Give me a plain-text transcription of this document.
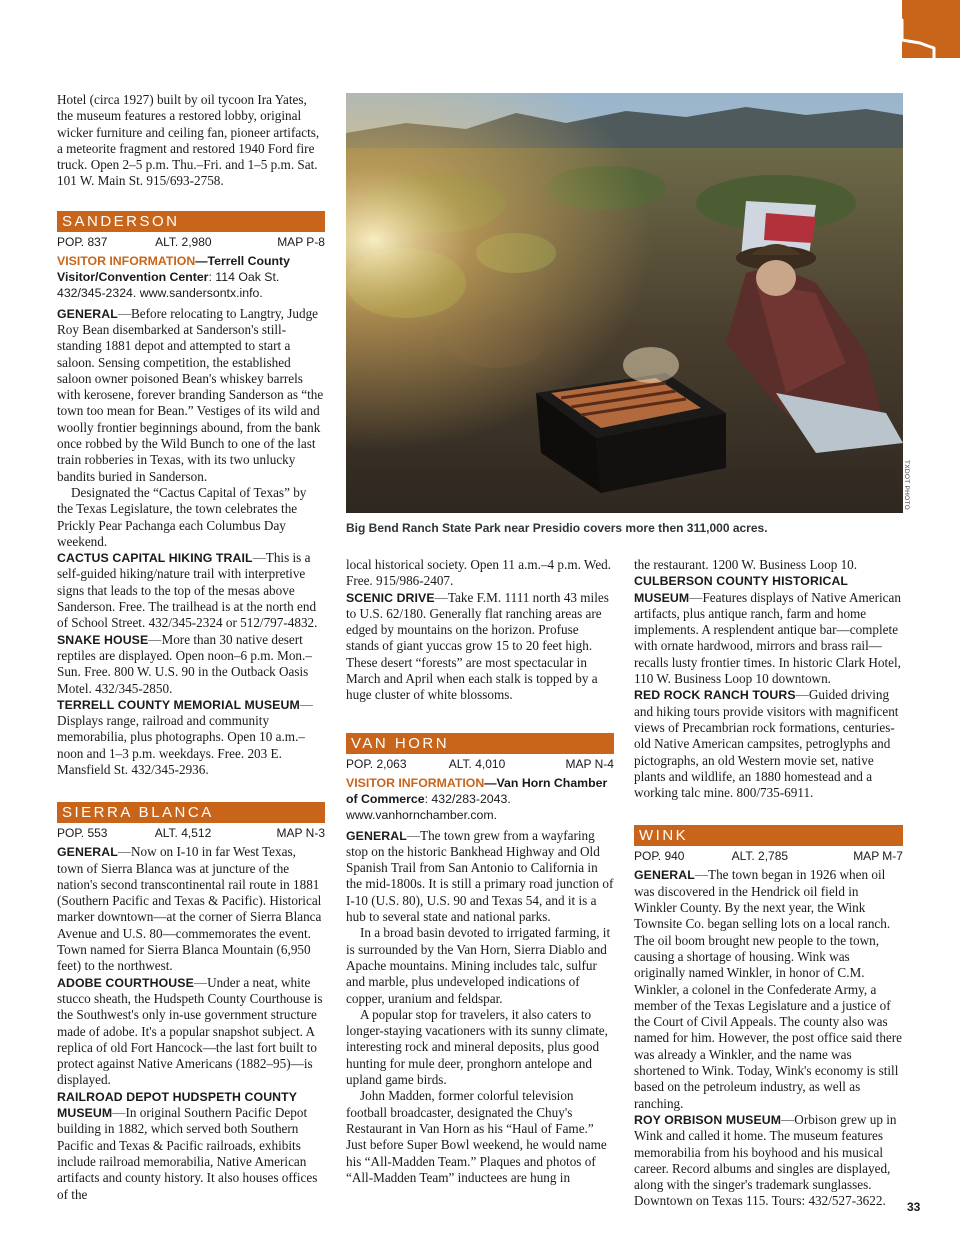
Hotel (circa 1927) built by oil tycoon Ira Yates, the museum features a restored lobby, original wicker furniture and ceiling fan, pioneer artifacts, a meteorite fragment and restored 1940 Ford fire truck. Open 2–5 p.m. Thu.–Fri. and 1–5 p.m. Sat. 101 W. Main St. 915/693-2758.

SANDERSON
POP. 837	ALT. 2,980	MAP P-8

VISITOR INFORMATION—Terrell County Visitor/Convention Center: 114 Oak St. 432/345-2324. www.sandersontx.info.

GENERAL—Before relocating to Langtry, Judge Roy Bean disembarked at Sanderson's still-standing 1881 depot and attempted to start a saloon. Sensing competition, the established saloon owner poisoned Bean's whiskey barrels with kerosene, forever branding Sanderson as “the town too mean for Bean.” Vestiges of its wild and woolly frontier beginnings abound, from the bank once robbed by the Wild Bunch to one of the last train robberies in Texas, with its two unlucky bandits buried in Sanderson.

Designated the “Cactus Capital of Texas” by the Texas Legislature, the town celebrates the Prickly Pear Pachanga each Columbus Day weekend.

CACTUS CAPITAL HIKING TRAIL—This is a self-guided hiking/nature trail with interpretive signs that leads to the top of the mesas above Sanderson. Free. The trailhead is at the north end of School Street. 432/345-2324 or 512/797-4832.

SNAKE HOUSE—More than 30 native desert reptiles are displayed. Open noon–6 p.m. Mon.–Sun. Free. 800 W. U.S. 90 in the Outback Oasis Motel. 432/345-2850.

TERRELL COUNTY MEMORIAL MUSEUM—Displays range, railroad and community memorabilia, plus photographs. Open 10 a.m.–noon and 1–3 p.m. weekdays. Free. 203 E. Mansfield St. 432/345-2936.

SIERRA BLANCA
POP. 553	ALT. 4,512	MAP N-3

GENERAL—Now on I-10 in far West Texas, town of Sierra Blanca was at juncture of the nation's second transcontinental rail route in 1881 (Southern Pacific and Texas & Pacific). Historical marker downtown—at the corner of Sierra Blanca Avenue and U.S. 80—commemorates the event. Town named for Sierra Blanca Mountain (6,950 feet) to the northwest.

ADOBE COURTHOUSE—Under a neat, white stucco sheath, the Hudspeth County Courthouse is the Southwest's only in-use government structure made of adobe. It's a popular snapshot subject. A replica of old Fort Hancock—the last fort built to protect against Native Americans (1882–95)—is displayed.

RAILROAD DEPOT HUDSPETH COUNTY MUSEUM—In original Southern Pacific Depot building in 1882, which served both Southern Pacific and Texas & Pacific railroads, exhibits include railroad memorabilia, Native American artifacts and county history. It also houses offices of the

TXDOT PHOTO
Big Bend Ranch State Park near Presidio covers more then 311,000 acres.

local historical society. Open 11 a.m.–4 p.m. Wed. Free. 915/986-2407.

SCENIC DRIVE—Take F.M. 1111 north 43 miles to U.S. 62/180. Generally flat ranching areas are edged by mountains on the horizon. Profuse stands of giant yuccas grow 15 to 20 feet high. These desert “forests” are most spectacular in March and April when each stalk is topped by a huge cluster of white blossoms.

VAN HORN
POP. 2,063	ALT. 4,010	MAP N-4

VISITOR INFORMATION—Van Horn Chamber of Commerce: 432/283-2043. www.vanhornchamber.com.

GENERAL—The town grew from a wayfaring stop on the historic Bankhead Highway and Old Spanish Trail from San Antonio to California in the mid-1800s. It is still a primary road junction of I-10 (U.S. 80), U.S. 90 and Texas 54, and it is a hub to several state and national parks.

In a broad basin devoted to irrigated farming, it is surrounded by the Van Horn, Sierra Diablo and Apache mountains. Mining includes talc, sulfur and marble, plus undeveloped indications of copper, uranium and feldspar.

A popular stop for travelers, it also caters to longer-staying vacationers with its sunny climate, interesting rock and mineral deposits, plus good hunting for mule deer, pronghorn antelope and upland game birds.

John Madden, former colorful television football broadcaster, designated the Chuy's Restaurant in Van Horn as his “Haul of Fame.” Just before Super Bowl weekend, he would name his “All-Madden Team.” Plaques and photos of “All-Madden Team” inductees are hung in

the restaurant. 1200 W. Business Loop 10.

CULBERSON COUNTY HISTORICAL MUSEUM—Features displays of Native American artifacts, plus antique ranch, farm and home implements. A resplendent antique bar—complete with ornate hardwood, mirrors and brass rail—recalls lusty frontier times. In historic Clark Hotel, 110 W. Business Loop 10 downtown.

RED ROCK RANCH TOURS—Guided driving and hiking tours provide visitors with magnificent views of Precambrian rock formations, centuries-old Native American campsites, petroglyphs and pictographs, an old Western movie set, native plants and wildlife, an 1880 homestead and a working talc mine. 800/735-6911.

WINK
POP. 940	ALT. 2,785	MAP M-7

GENERAL—The town began in 1926 when oil was discovered in the Hendrick oil field in Winkler County. By the next year, the Wink Townsite Co. began selling lots on a local ranch. The oil boom brought new people to the town, causing a shortage of housing. Wink was originally named Winkler, in honor of C.M. Winkler, a colonel in the Confederate Army, a member of the Texas Legislature and a justice of the Court of Civil Appeals. The county also was named for him. However, the post office said there was already a Winkler, and the name was shortened to Wink. Today, Wink's economy is still based on the petroleum industry, as well as ranching.

ROY ORBISON MUSEUM—Orbison grew up in Wink and called it home. The museum features memorabilia from his boyhood and his musical career. Record albums and singles are displayed, along with the singer's trademark sunglasses. Downtown on Texas 115. Tours: 432/527-3622.	33
